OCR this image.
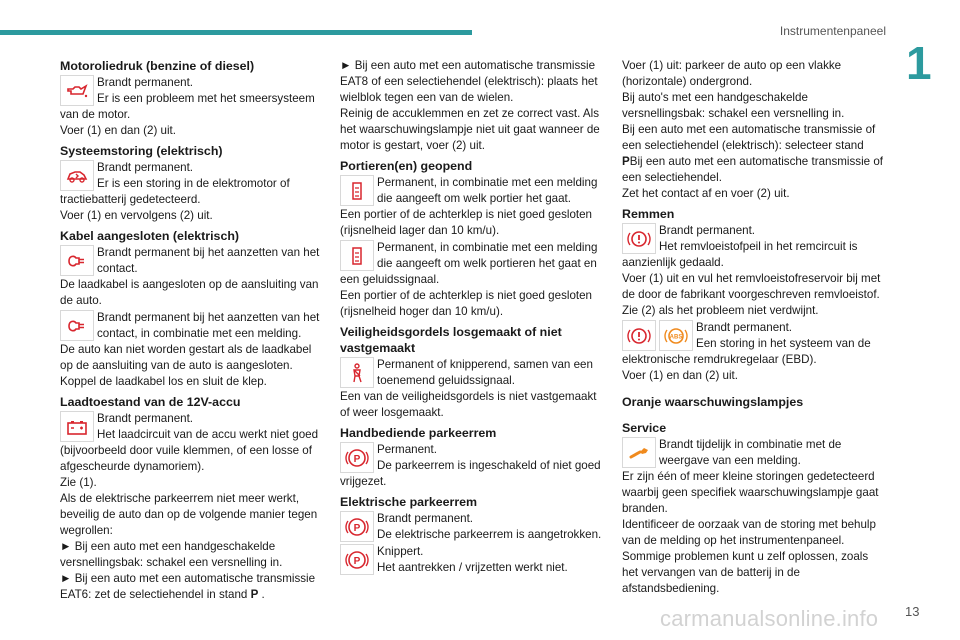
Instrumentenpaneel
1
Motoroliedruk (benzine of diesel)
Brandt permanent.
Er is een probleem met het smeersysteem van de motor.
Voer (1) en dan (2) uit.
Systeemstoring (elektrisch)
Brandt permanent.
Er is een storing in de elektromotor of tractiebatterij gedetecteerd.
Voer (1) en vervolgens (2) uit.
Kabel aangesloten (elektrisch)
Brandt permanent bij het aanzetten van het contact.
De laadkabel is aangesloten op de aansluiting van de auto.
Brandt permanent bij het aanzetten van het contact, in combinatie met een melding.
De auto kan niet worden gestart als de laadkabel op de aansluiting van de auto is aangesloten.
Koppel de laadkabel los en sluit de klep.
Laadtoestand van de 12V-accu
Brandt permanent.
Het laadcircuit van de accu werkt niet goed (bijvoorbeeld door vuile klemmen, of een losse of afgescheurde dynamoriem).
Zie (1).
Als de elektrische parkeerrem niet meer werkt, beveilig de auto dan op de volgende manier tegen wegrollen:
► Bij een auto met een handgeschakelde versnellingsbak: schakel een versnelling in.
► Bij een auto met een automatische transmissie EAT6: zet de selectiehendel in stand P .
► Bij een auto met een automatische transmissie EAT8 of een selectiehendel (elektrisch): plaats het wielblok tegen een van de wielen.
Reinig de accuklemmen en zet ze correct vast. Als het waarschuwingslampje niet uit gaat wanneer de motor is gestart, voer (2) uit.
Portieren(en) geopend
Permanent, in combinatie met een melding die aangeeft om welk portier het gaat.
Een portier of de achterklep is niet goed gesloten (rijsnelheid lager dan 10 km/u).
Permanent, in combinatie met een melding die aangeeft om welk portieren het gaat en een geluidssignaal.
Een portier of de achterklep is niet goed gesloten (rijsnelheid hoger dan 10 km/u).
Veiligheidsgordels losgemaakt of niet vastgemaakt
Permanent of knipperend, samen van een toenemend geluidssignaal.
Een van de veiligheidsgordels is niet vastgemaakt of weer losgemaakt.
Handbediende parkeerrem
P
Permanent.
De parkeerrem is ingeschakeld of niet goed vrijgezet.
Elektrische parkeerrem
P
Brandt permanent.
De elektrische parkeerrem is aangetrokken.
P
Knippert.
Het aantrekken / vrijzetten werkt niet.
Voer (1) uit: parkeer de auto op een vlakke (horizontale) ondergrond.
Bij auto's met een handgeschakelde versnellingsbak: schakel een versnelling in.
Bij een auto met een automatische transmissie of een selectiehendel (elektrisch): selecteer stand PBij een auto met een automatische transmissie of een selectiehendel.
Zet het contact af en voer (2) uit.
Remmen
Brandt permanent.
Het remvloeistofpeil in het remcircuit is aanzienlijk gedaald.
Voer (1) uit en vul het remvloeistofreservoir bij met de door de fabrikant voorgeschreven remvloeistof. Zie (2) als het probleem niet verdwijnt.
ABS
Brandt permanent.
Een storing in het systeem van de elektronische remdrukregelaar (EBD).
Voer (1) en dan (2) uit.
Oranje waarschuwingslampjes
Service
Brandt tijdelijk in combinatie met de weergave van een melding.
Er zijn één of meer kleine storingen gedetecteerd waarbij geen specifiek waarschuwingslampje gaat branden.
Identificeer de oorzaak van de storing met behulp van de melding op het instrumentenpaneel.
Sommige problemen kunt u zelf oplossen, zoals het vervangen van de batterij in de afstandsbediening.
carmanualsonline.info 13
